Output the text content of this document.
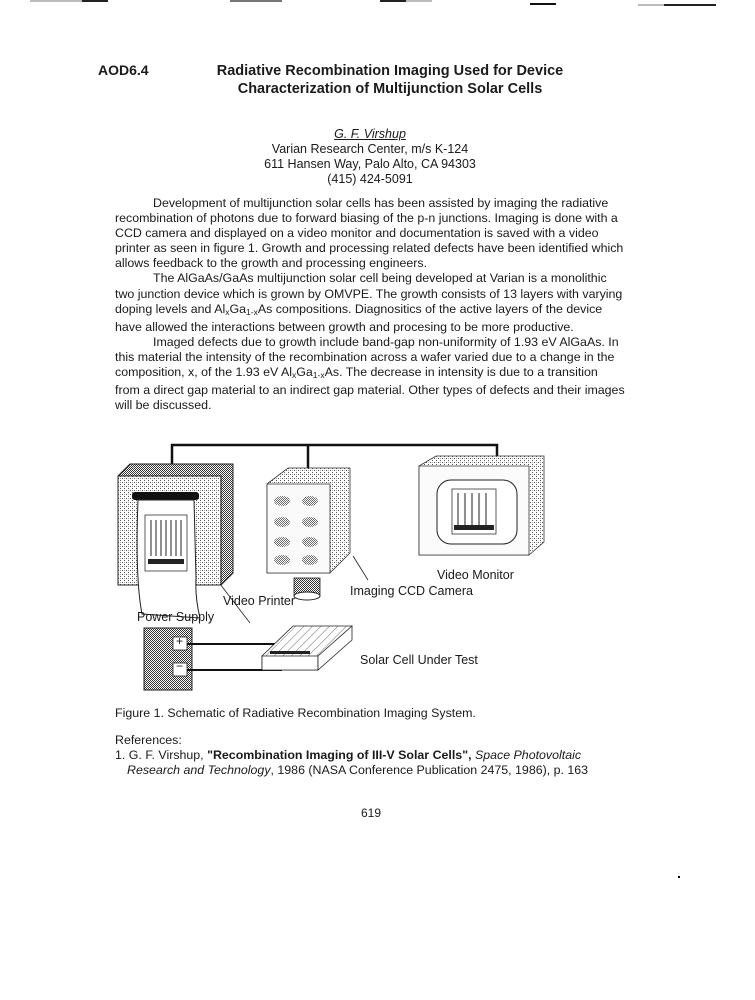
AOD6.4	Radiative Recombination Imaging Used for Device
Characterization of Multijunction Solar Cells
G. F. Virshup
Varian Research Center, m/s K-124
611 Hansen Way, Palo Alto, CA 94303
(415) 424-5091

Development of multijunction solar cells has been assisted by imaging the radiative recombination of photons due to forward biasing of the p-n junctions. Imaging is done with a CCD camera and displayed on a video monitor and documentation is saved with a video printer as seen in figure 1. Growth and processing related defects have been identified which allows feedback to the growth and processing engineers.

The AlGaAs/GaAs multijunction solar cell being developed at Varian is a monolithic two junction device which is grown by OMVPE. The growth consists of 13 layers with varying doping levels and $Al_xGa_{1-x}As$ compositions. Diagnositics of the active layers of the device have allowed the interactions between growth and procesing to be more productive.

Imaged defects due to growth include band-gap non-uniformity of 1.93 eV AlGaAs. In this material the intensity of the recombination across a wafer varied due to a change in the composition, x, of the 1.93 eV $Al_xGa_{1-x}As$. The decrease in intensity is due to a transition from a direct gap material to an indirect gap material. Other types of defects and their images will be discussed.

+
−
Video Monitor
Imaging CCD Camera
Video Printer
Power Supply
Solar Cell Under Test
Figure 1. Schematic of Radiative Recombination Imaging System.
References:
1. G. F. Virshup, "Recombination Imaging of III-V Solar Cells", Space Photovoltaic Research and Technology, 1986 (NASA Conference Publication 2475, 1986), p. 163
619
